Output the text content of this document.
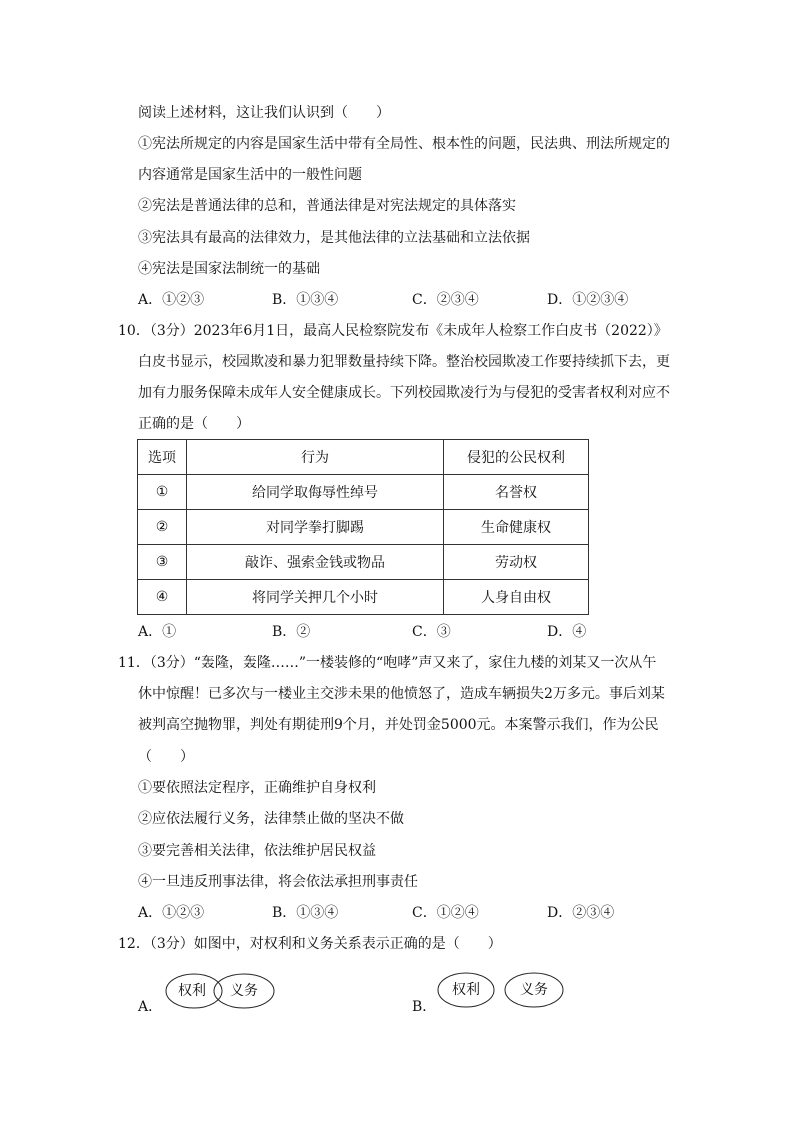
阅读上述材料，这让我们认识到（　　）
①宪法所规定的内容是国家生活中带有全局性、根本性的问题，民法典、刑法所规定的
内容通常是国家生活中的一般性问题
②宪法是普通法律的总和，普通法律是对宪法规定的具体落实
③宪法具有最高的法律效力，是其他法律的立法基础和立法依据
④宪法是国家法制统一的基础
A．①②③	B．①③④	C．②③④	D．①②③④
10．（3分）2023年6月1日，最高人民检察院发布《未成年人检察工作白皮书（2022）》
白皮书显示，校园欺凌和暴力犯罪数量持续下降。整治校园欺凌工作要持续抓下去，更
加有力服务保障未成年人安全健康成长。下列校园欺凌行为与侵犯的受害者权利对应不
正确的是（　　）
选项	行为	侵犯的公民权利
①	给同学取侮辱性绰号	名誉权
②	对同学拳打脚踢	生命健康权
③	敲诈、强索金钱或物品	劳动权
④	将同学关押几个小时	人身自由权
A．①	B．②	C．③	D．④
11．（3分）“轰隆，轰隆……”一楼装修的“咆哮”声又来了，家住九楼的刘某又一次从午
休中惊醒！已多次与一楼业主交涉未果的他愤怒了，造成车辆损失2万多元。事后刘某
被判高空抛物罪，判处有期徒刑9个月，并处罚金5000元。本案警示我们，作为公民
（　　）
①要依照法定程序，正确维护自身权利
②应依法履行义务，法律禁止做的坚决不做
③要完善相关法律，依法维护居民权益
④一旦违反刑事法律，将会依法承担刑事责任
A．①②③	B．①③④	C．①②④	D．②③④
12．（3分）如图中，对权利和义务关系表示正确的是（　　）
A．
权利 义务
B．
权利	义务
